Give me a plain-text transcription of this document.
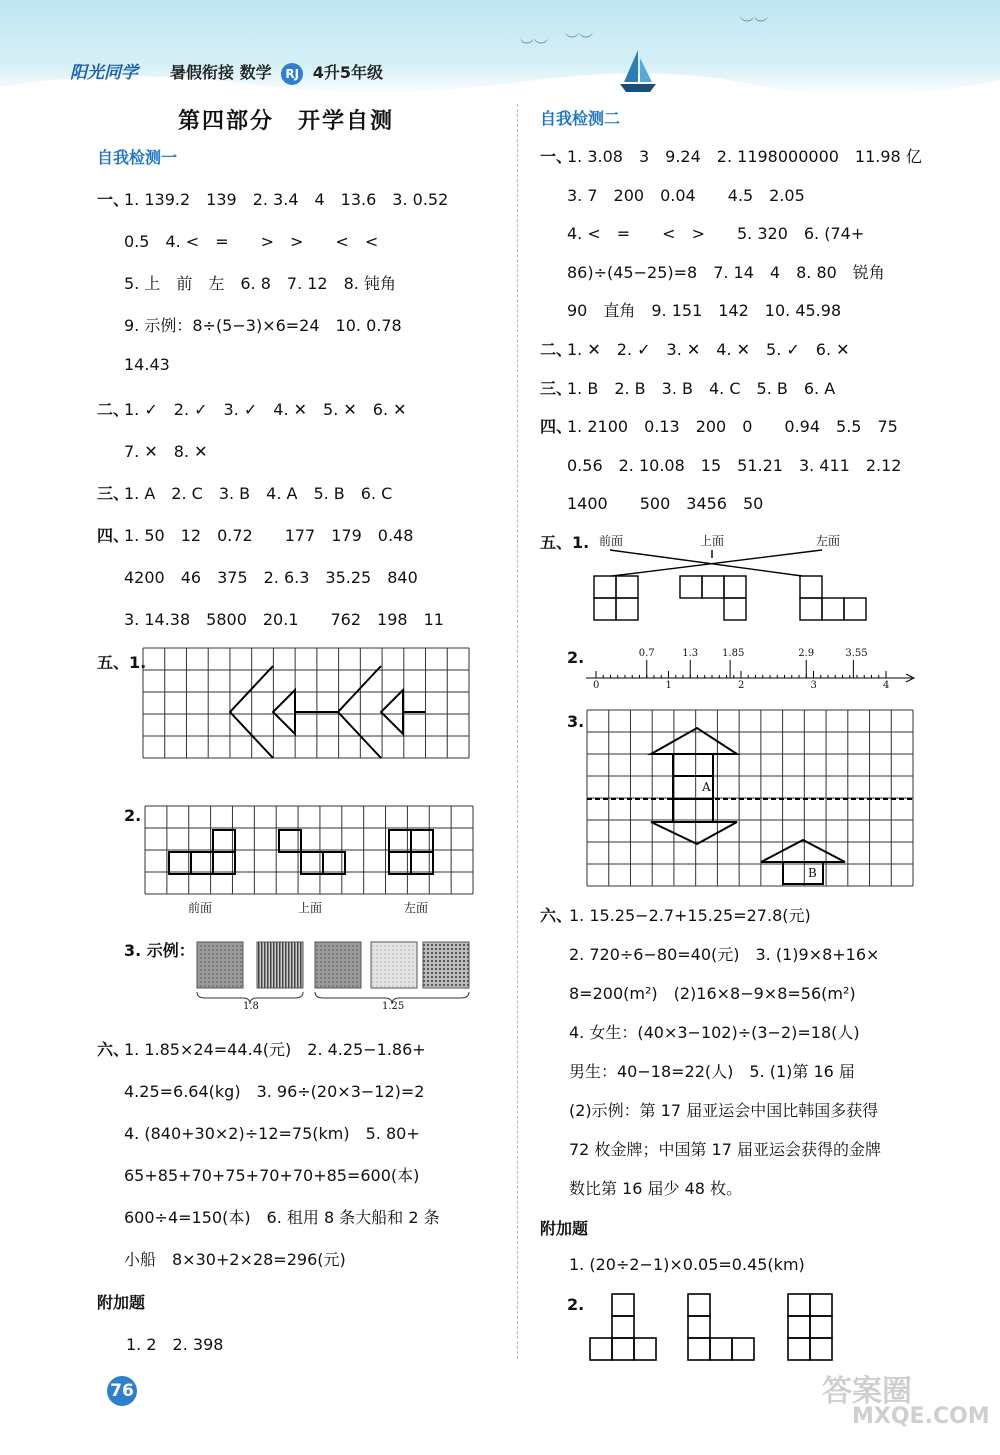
阳光同学 暑假衔接 数学 RJ 4升5年级
︶︶ ︶︶
︶︶
第四部分　开学自测
自我检测一
一、
1. 139.2　139　2. 3.4　4　13.6　3. 0.52
0.5　4. <　=　　>　>　　<　<
5. 上　前　左　6. 8　7. 12　8. 钝角
9. 示例：8÷(5−3)×6=24　10. 0.78
14.43
二、
1. ✓　2. ✓　3. ✓　4. ✕　5. ✕　6. ✕
7. ✕　8. ✕
三、
1. A　2. C　3. B　4. A　5. B　6. C
四、
1. 50　12　0.72　　177　179　0.48
4200　46　375　2. 6.3　35.25　840
3. 14.38　5800　20.1　　762　198　11
五、1.
2.
前面	上面	左面
3. 示例：
1.8	1.25
六、
1. 1.85×24=44.4(元)　2. 4.25−1.86+
4.25=6.64(kg)　3. 96÷(20×3−12)=2
4. (840+30×2)÷12=75(km)　5. 80+
65+85+70+75+70+70+85=600(本)
600÷4=150(本)　6. 租用 8 条大船和 2 条
小船　8×30+2×28=296(元)
附加题
1. 2　2. 398
自我检测二
一、
1. 3.08　3　9.24　2. 1198000000　11.98 亿
3. 7　200　0.04　　4.5　2.05
4. <　=　　<　>　　5. 320　6. (74+
86)÷(45−25)=8　7. 14　4　8. 80　锐角
90　直角　9. 151　142　10. 45.98
二、
1. ✕　2. ✓　3. ✕　4. ✕　5. ✓　6. ✕
三、
1. B　2. B　3. B　4. C　5. B　6. A
四、
1. 2100　0.13　200　0　　0.94　5.5　75
0.56　2. 10.08　15　51.21　3. 411　2.12
1400　　500　3456　50
五、1. 前面	上面	左面
2.
0	1	2	3	4
0.7	1.3 1.85	2.9	3.55
3.
A
B
六、
1. 15.25−2.7+15.25=27.8(元)
2. 720÷6−80=40(元)　3. (1)9×8+16×
8=200(m²)　(2)16×8−9×8=56(m²)
4. 女生：(40×3−102)÷(3−2)=18(人)
男生：40−18=22(人)　5. (1)第 16 届
(2)示例：第 17 届亚运会中国比韩国多获得
72 枚金牌；中国第 17 届亚运会获得的金牌
数比第 16 届少 48 枚。
附加题
1. (20÷2−1)×0.05=0.45(km)
2.
76	答案圈
MXQE.COM
